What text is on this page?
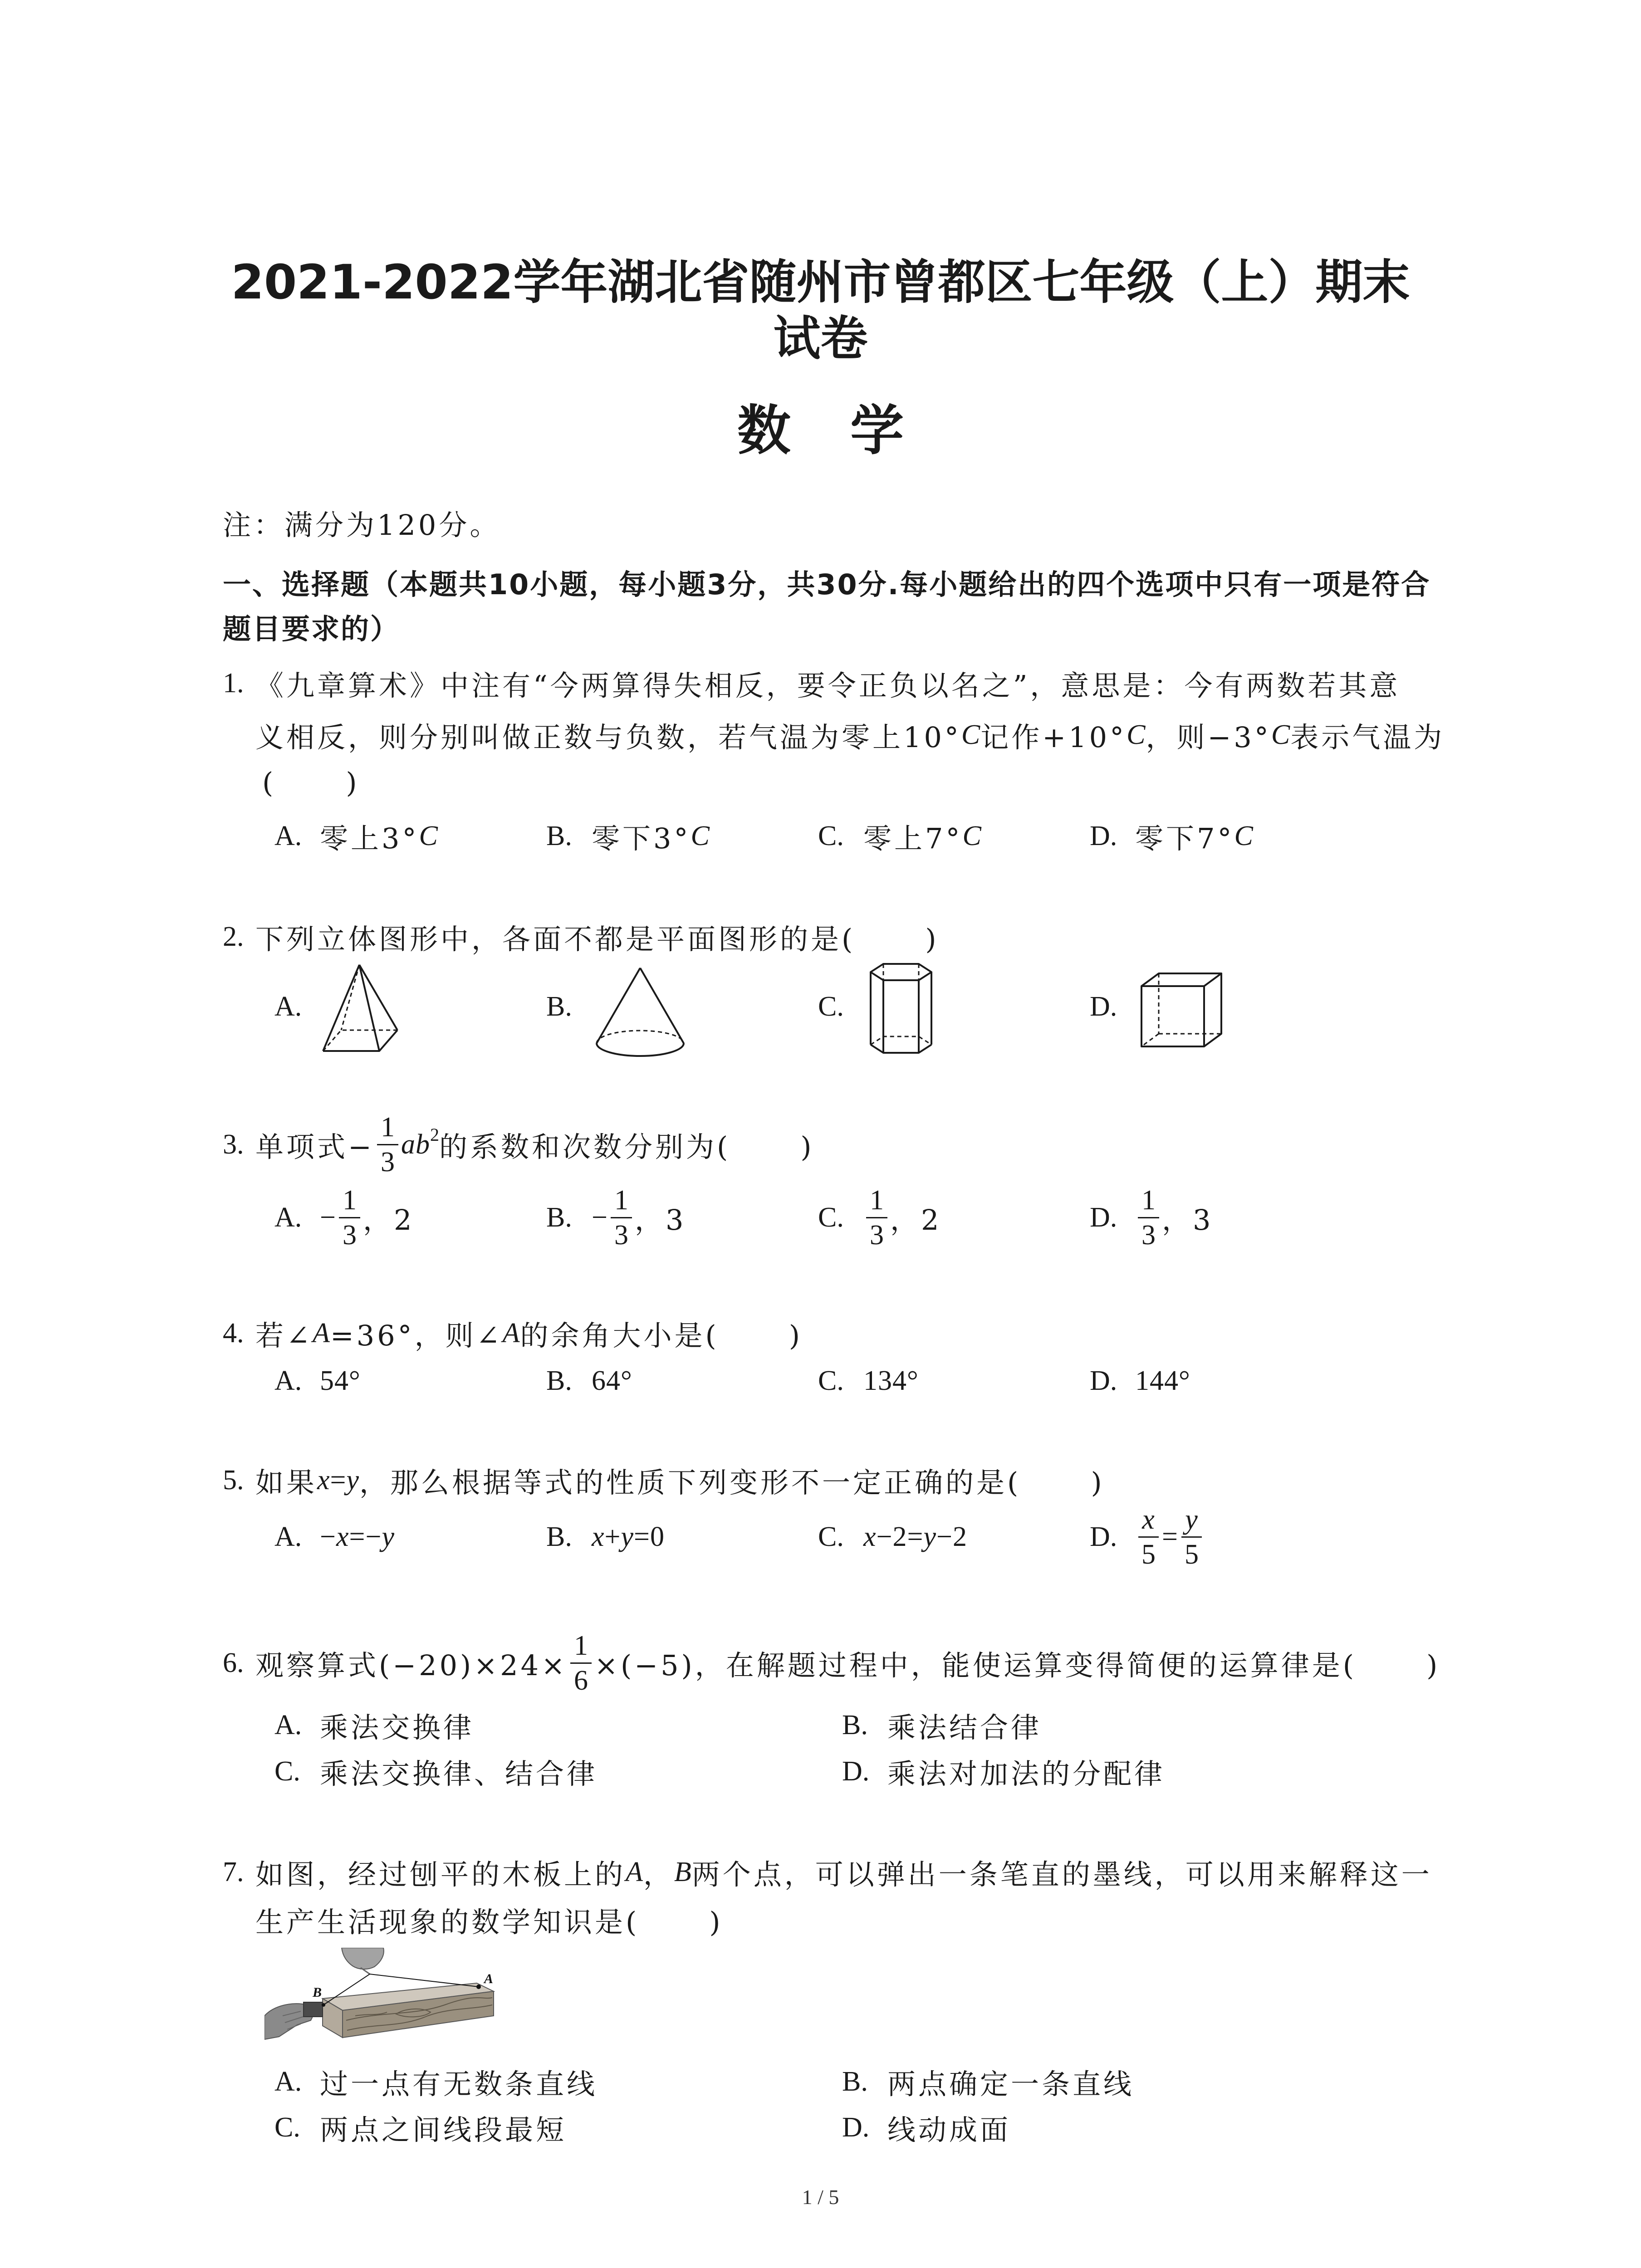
2021-2022学年湖北省随州市曾都区七年级（上）期末
试卷
数 学
注：满分为120分。
一、选择题（本题共10小题，每小题3分，共30分.每小题给出的四个选项中只有一项是符合
题目要求的）
1. 《九章算术》中注有“今两算得失相反，要令正负以名之”，意思是：今有两数若其意
义相反，则分别叫做正数与负数，若气温为零上10° C 记作+10° C ，则−3° C 表示气温为
(      )
A. 零上3° C	B. 零下3° C	C. 零上7° C	D. 零下7° C
2. 下列立体图形中，各面不都是平面图形的是(      )
A.	B.	C.	D.
3. 单项式− $\frac{1}{3}$ ab 2 的系数和次数分别为(      )
A. − $\frac{1}{3}$ ，2	B. − $\frac{1}{3}$ ，3	C. $\frac{1}{3}$ ，2	D. $\frac{1}{3}$ ，3
4. 若∠ A =36°，则∠ A 的余角大小是(      )
A. 54°	B. 64°	C. 134°	D. 144°
5. 如果 x = y ，那么根据等式的性质下列变形不一定正确的是(      )
A. − x =− y	B. x + y =0	C. x −2= y −2	D. $\frac{x}{5} = \frac{y}{5}$
6. 观察算式$(-20)\times 24\times \frac{1}{6} \times(-5)$，在解题过程中，能使运算变得简便的运算律是(      )
A. 乘法交换律	B. 乘法结合律
C. 乘法交换律、结合律	D. 乘法对加法的分配律
7. 如图，经过刨平的木板上的 A ， B 两个点，可以弹出一条笔直的墨线，可以用来解释这一
生产生活现象的数学知识是(      )
B
A
A. 过一点有无数条直线	B. 两点确定一条直线
C. 两点之间线段最短	D. 线动成面
1 / 5
